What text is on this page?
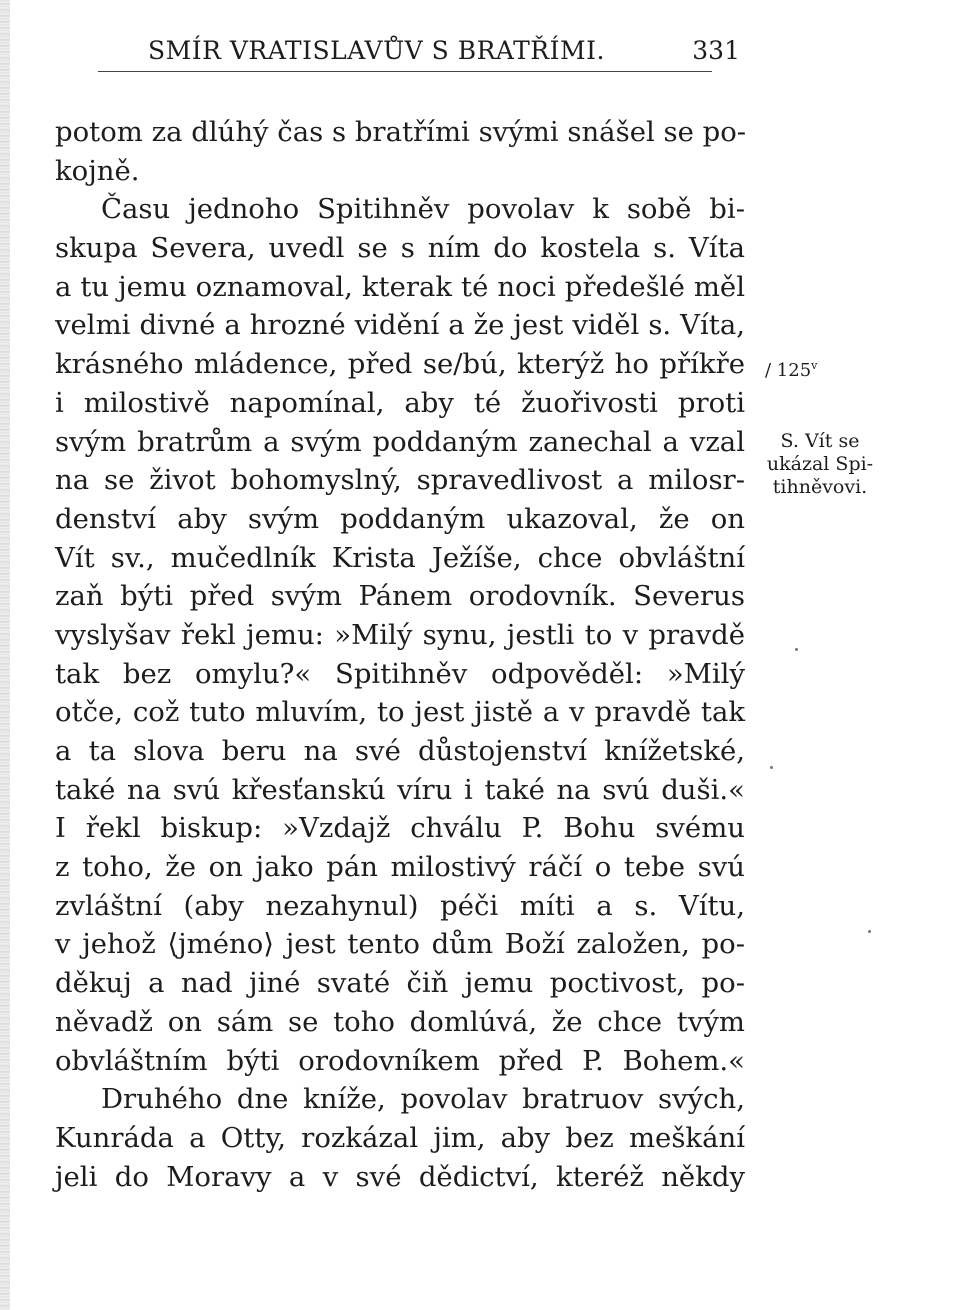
SMÍR VRATISLAVŮV S BRATŘÍMI.	331
potom za dlúhý čas s bratřími svými snášel se po-
kojně.
Času jednoho Spitihněv povolav k sobě bi-
skupa Severa, uvedl se s ním do kostela s. Víta
a tu jemu oznamoval, kterak té noci předešlé měl
velmi divné a hrozné vidění a že jest viděl s. Víta,
krásného mládence, před se/bú, kterýž ho příkře
i milostivě napomínal, aby té žuořivosti proti
svým bratrům a svým poddaným zanechal a vzal
na se život bohomyslný, spravedlivost a milosr-
denství aby svým poddaným ukazoval, že on
Vít sv., mučedlník Krista Ježíše, chce obvláštní
zaň býti před svým Pánem orodovník. Severus
vyslyšav řekl jemu: »Milý synu, jestli to v pravdě
tak bez omylu?« Spitihněv odpověděl: »Milý
otče, což tuto mluvím, to jest jistě a v pravdě tak
a ta slova beru na své důstojenství knížetské,
také na svú křesťanskú víru i také na svú duši.«
I řekl biskup: »Vzdajž chválu P. Bohu svému
z toho, že on jako pán milostivý ráčí o tebe svú
zvláštní (aby nezahynul) péči míti a s. Vítu,
v jehož ⟨jméno⟩ jest tento dům Boží založen, po-
děkuj a nad jiné svaté čiň jemu poctivost, po-
něvadž on sám se toho domlúvá, že chce tvým
obvláštním býti orodovníkem před P. Bohem.«
Druhého dne kníže, povolav bratruov svých,
Kunráda a Otty, rozkázal jim, aby bez meškání
jeli do Moravy a v své dědictví, kteréž někdy
/ 125$^v$
S. Vít se
ukázal Spi-
tihněvovi.
